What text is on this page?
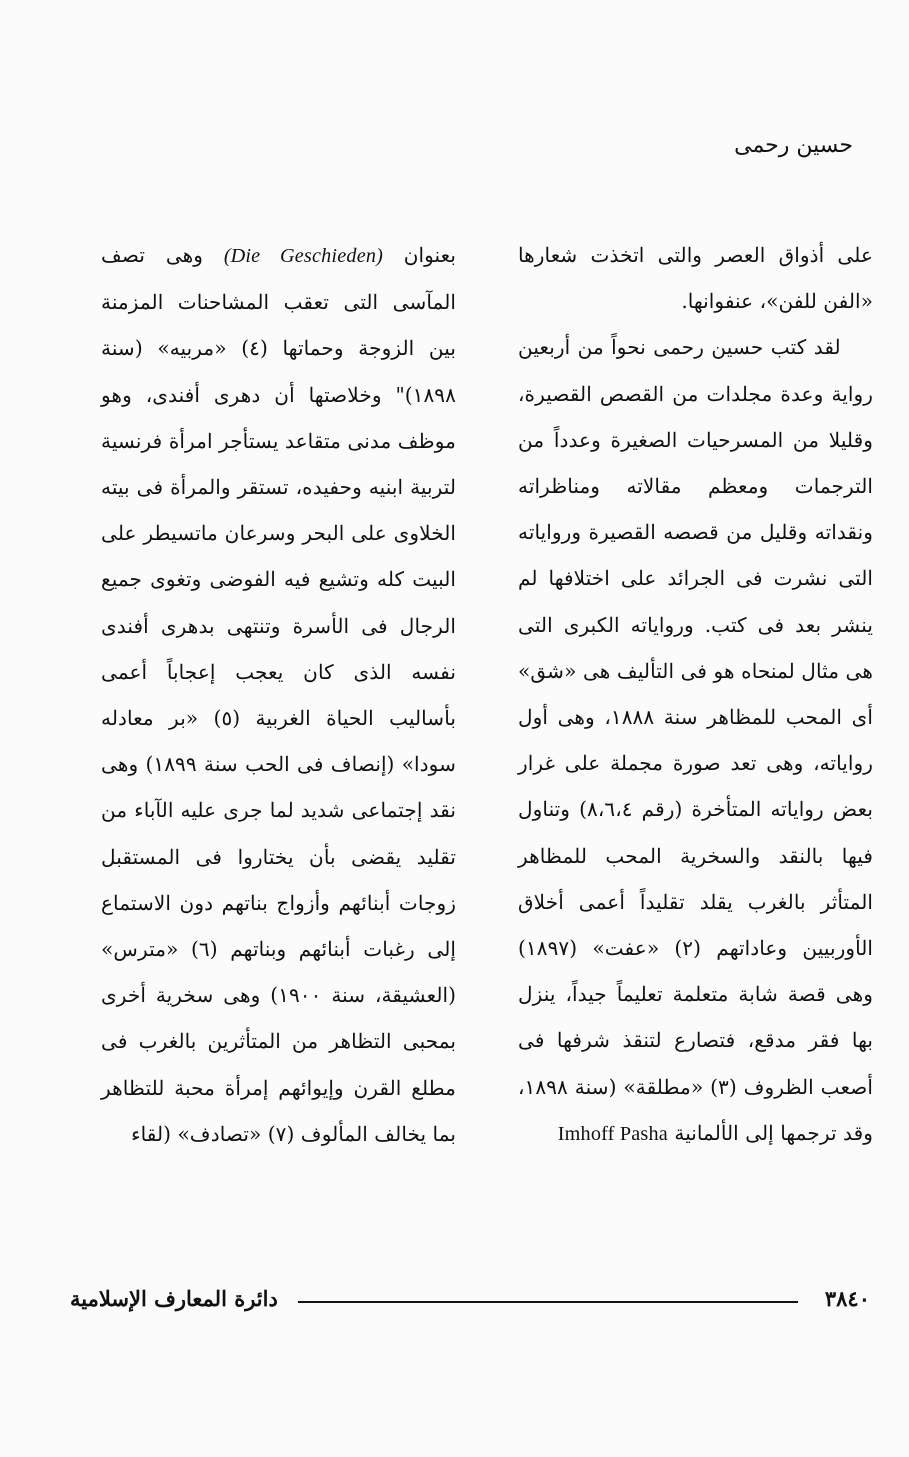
حسين رحمى

على أذواق العصر والتى اتخذت شعارها «الفن للفن»، عنفوانها.

لقد كتب حسين رحمى نحواً من أربعين رواية وعدة مجلدات من القصص القصيرة، وقليلا من المسرحيات الصغيرة وعدداً من الترجمات ومعظم مقالاته ومناظراته ونقداته وقليل من قصصه القصيرة ورواياته التى نشرت فى الجرائد على اختلافها لم ينشر بعد فى كتب. ورواياته الكبرى التى هى مثال لمنحاه هو فى التأليف هى «شق» أى المحب للمظاهر سنة ١٨٨٨، وهى أول رواياته، وهى تعد صورة مجملة على غرار بعض رواياته المتأخرة (رقم ٨،٦،٤) وتناول فيها بالنقد والسخرية المحب للمظاهر المتأثر بالغرب يقلد تقليداً أعمى أخلاق الأوربيين وعاداتهم (٢) «عفت» (١٨٩٧) وهى قصة شابة متعلمة تعليماً جيداً، ينزل بها فقر مدقع، فتصارع لتنقذ شرفها فى أصعب الظروف (٣) «مطلقة» (سنة ١٨٩٨، وقد ترجمها إلى الألمانية Imhoff Pasha

بعنوان (Die Geschieden) وهى تصف المآسى التى تعقب المشاحنات المزمنة بين الزوجة وحماتها (٤) «مربيه» (سنة ١٨٩٨)" وخلاصتها أن دهرى أفندى، وهو موظف مدنى متقاعد يستأجر امرأة فرنسية لتربية ابنيه وحفيده، تستقر والمرأة فى بيته الخلاوى على البحر وسرعان ماتسيطر على البيت كله وتشيع فيه الفوضى وتغوى جميع الرجال فى الأسرة وتنتهى بدهرى أفندى نفسه الذى كان يعجب إعجاباً أعمى بأساليب الحياة الغربية (٥) «بر معادله سودا» (إنصاف فى الحب سنة ١٨٩٩) وهى نقد إجتماعى شديد لما جرى عليه الآباء من تقليد يقضى بأن يختاروا فى المستقبل زوجات أبنائهم وأزواج بناتهم دون الاستماع إلى رغبات أبنائهم وبناتهم (٦) «مترس» (العشيقة، سنة ١٩٠٠) وهى سخرية أخرى بمحبى التظاهر من المتأثرين بالغرب فى مطلع القرن وإيوائهم إمرأة محبة للتظاهر بما يخالف المألوف (٧) «تصادف» (لقاء

٣٨٤٠
دائرة المعارف الإسلامية
